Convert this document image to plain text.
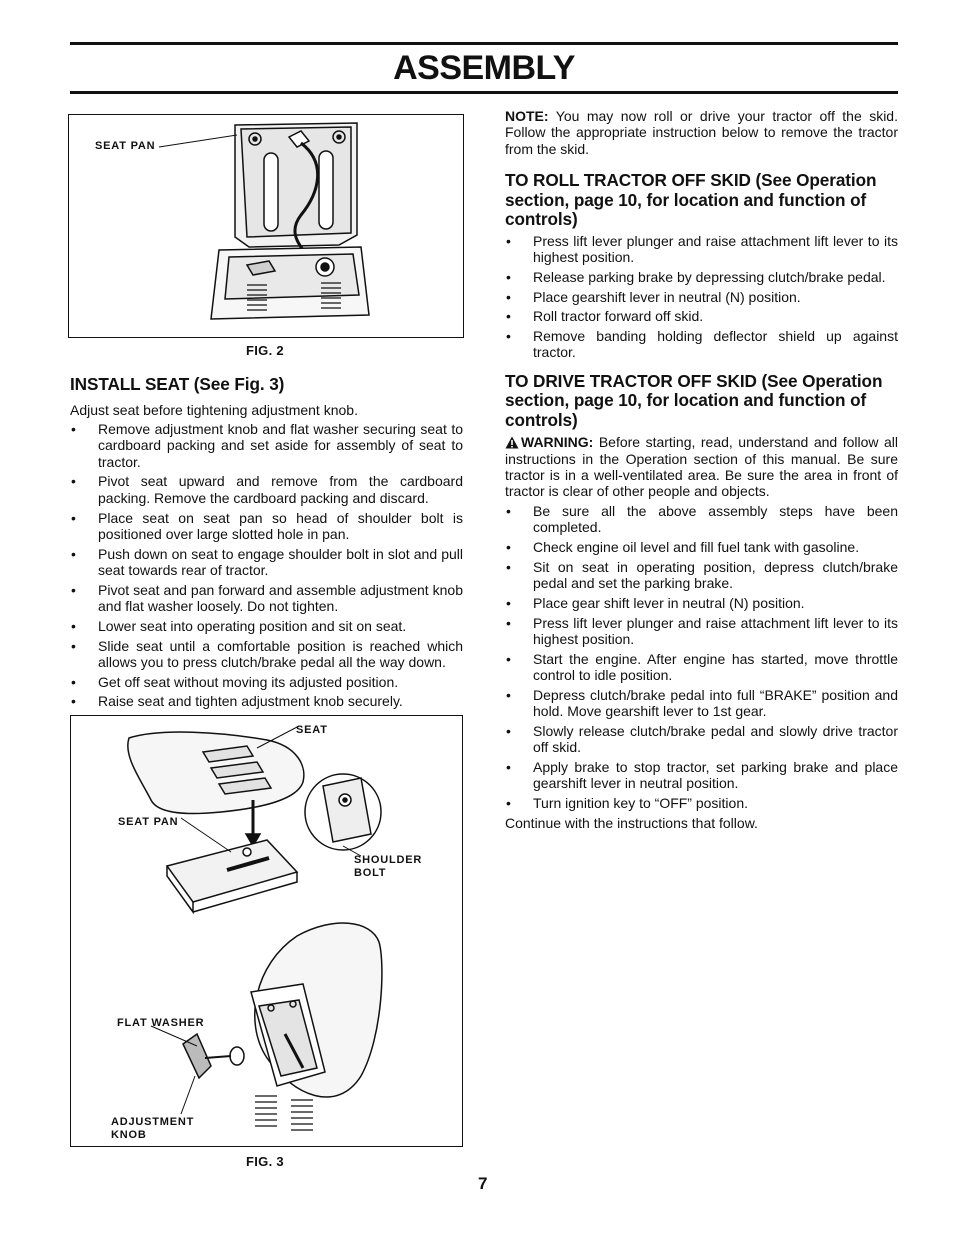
ASSEMBLY
SEAT PAN
FIG. 2
INSTALL SEAT (See Fig. 3)

Adjust seat before tightening adjustment knob.

• Remove adjustment knob and flat washer securing seat to cardboard packing and set aside for assembly of seat to tractor.
• Pivot seat upward and remove from the cardboard packing. Remove the cardboard packing and discard.
• Place seat on seat pan so head of shoulder bolt is positioned over large slotted hole in pan.
• Push down on seat to engage shoulder bolt in slot and pull seat towards rear of tractor.
• Pivot seat and pan forward and assemble adjustment knob and flat washer loosely. Do not tighten.
• Lower seat into operating position and sit on seat.
• Slide seat until a comfortable position is reached which allows you to press clutch/brake pedal all the way down.
• Get off seat without moving its adjusted position.
• Raise seat and tighten adjustment knob securely.
SEAT
SEAT PAN
SHOULDER
BOLT
FLAT WASHER
ADJUSTMENT
KNOB
FIG. 3

NOTE: You may now roll or drive your tractor off the skid. Follow the appropriate instruction below to remove the tractor from the skid.

TO ROLL TRACTOR OFF SKID (See Operation section, page 10, for location and function of controls)
• Press lift lever plunger and raise attachment lift lever to its highest position.
• Release parking brake by depressing clutch/brake pedal.
• Place gearshift lever in neutral (N) position.
• Roll tractor forward off skid.
• Remove banding holding deflector shield up against tractor.
TO DRIVE TRACTOR OFF SKID (See Operation section, page 10, for location and function of controls)

WARNING: Before starting, read, understand and follow all instructions in the Operation section of this manual. Be sure tractor is in a well-ventilated area. Be sure the area in front of tractor is clear of other people and objects.

• Be sure all the above assembly steps have been completed.
• Check engine oil level and fill fuel tank with gasoline.
• Sit on seat in operating position, depress clutch/brake pedal and set the parking brake.
• Place gear shift lever in neutral (N) position.
• Press lift lever plunger and raise attachment lift lever to its highest position.
• Start the engine. After engine has started, move throttle control to idle position.
• Depress clutch/brake pedal into full “BRAKE” position and hold. Move gearshift lever to 1st gear.
• Slowly release clutch/brake pedal and slowly drive tractor off skid.
• Apply brake to stop tractor, set parking brake and place gearshift lever in neutral position.
• Turn ignition key to “OFF” position.

Continue with the instructions that follow.

7
